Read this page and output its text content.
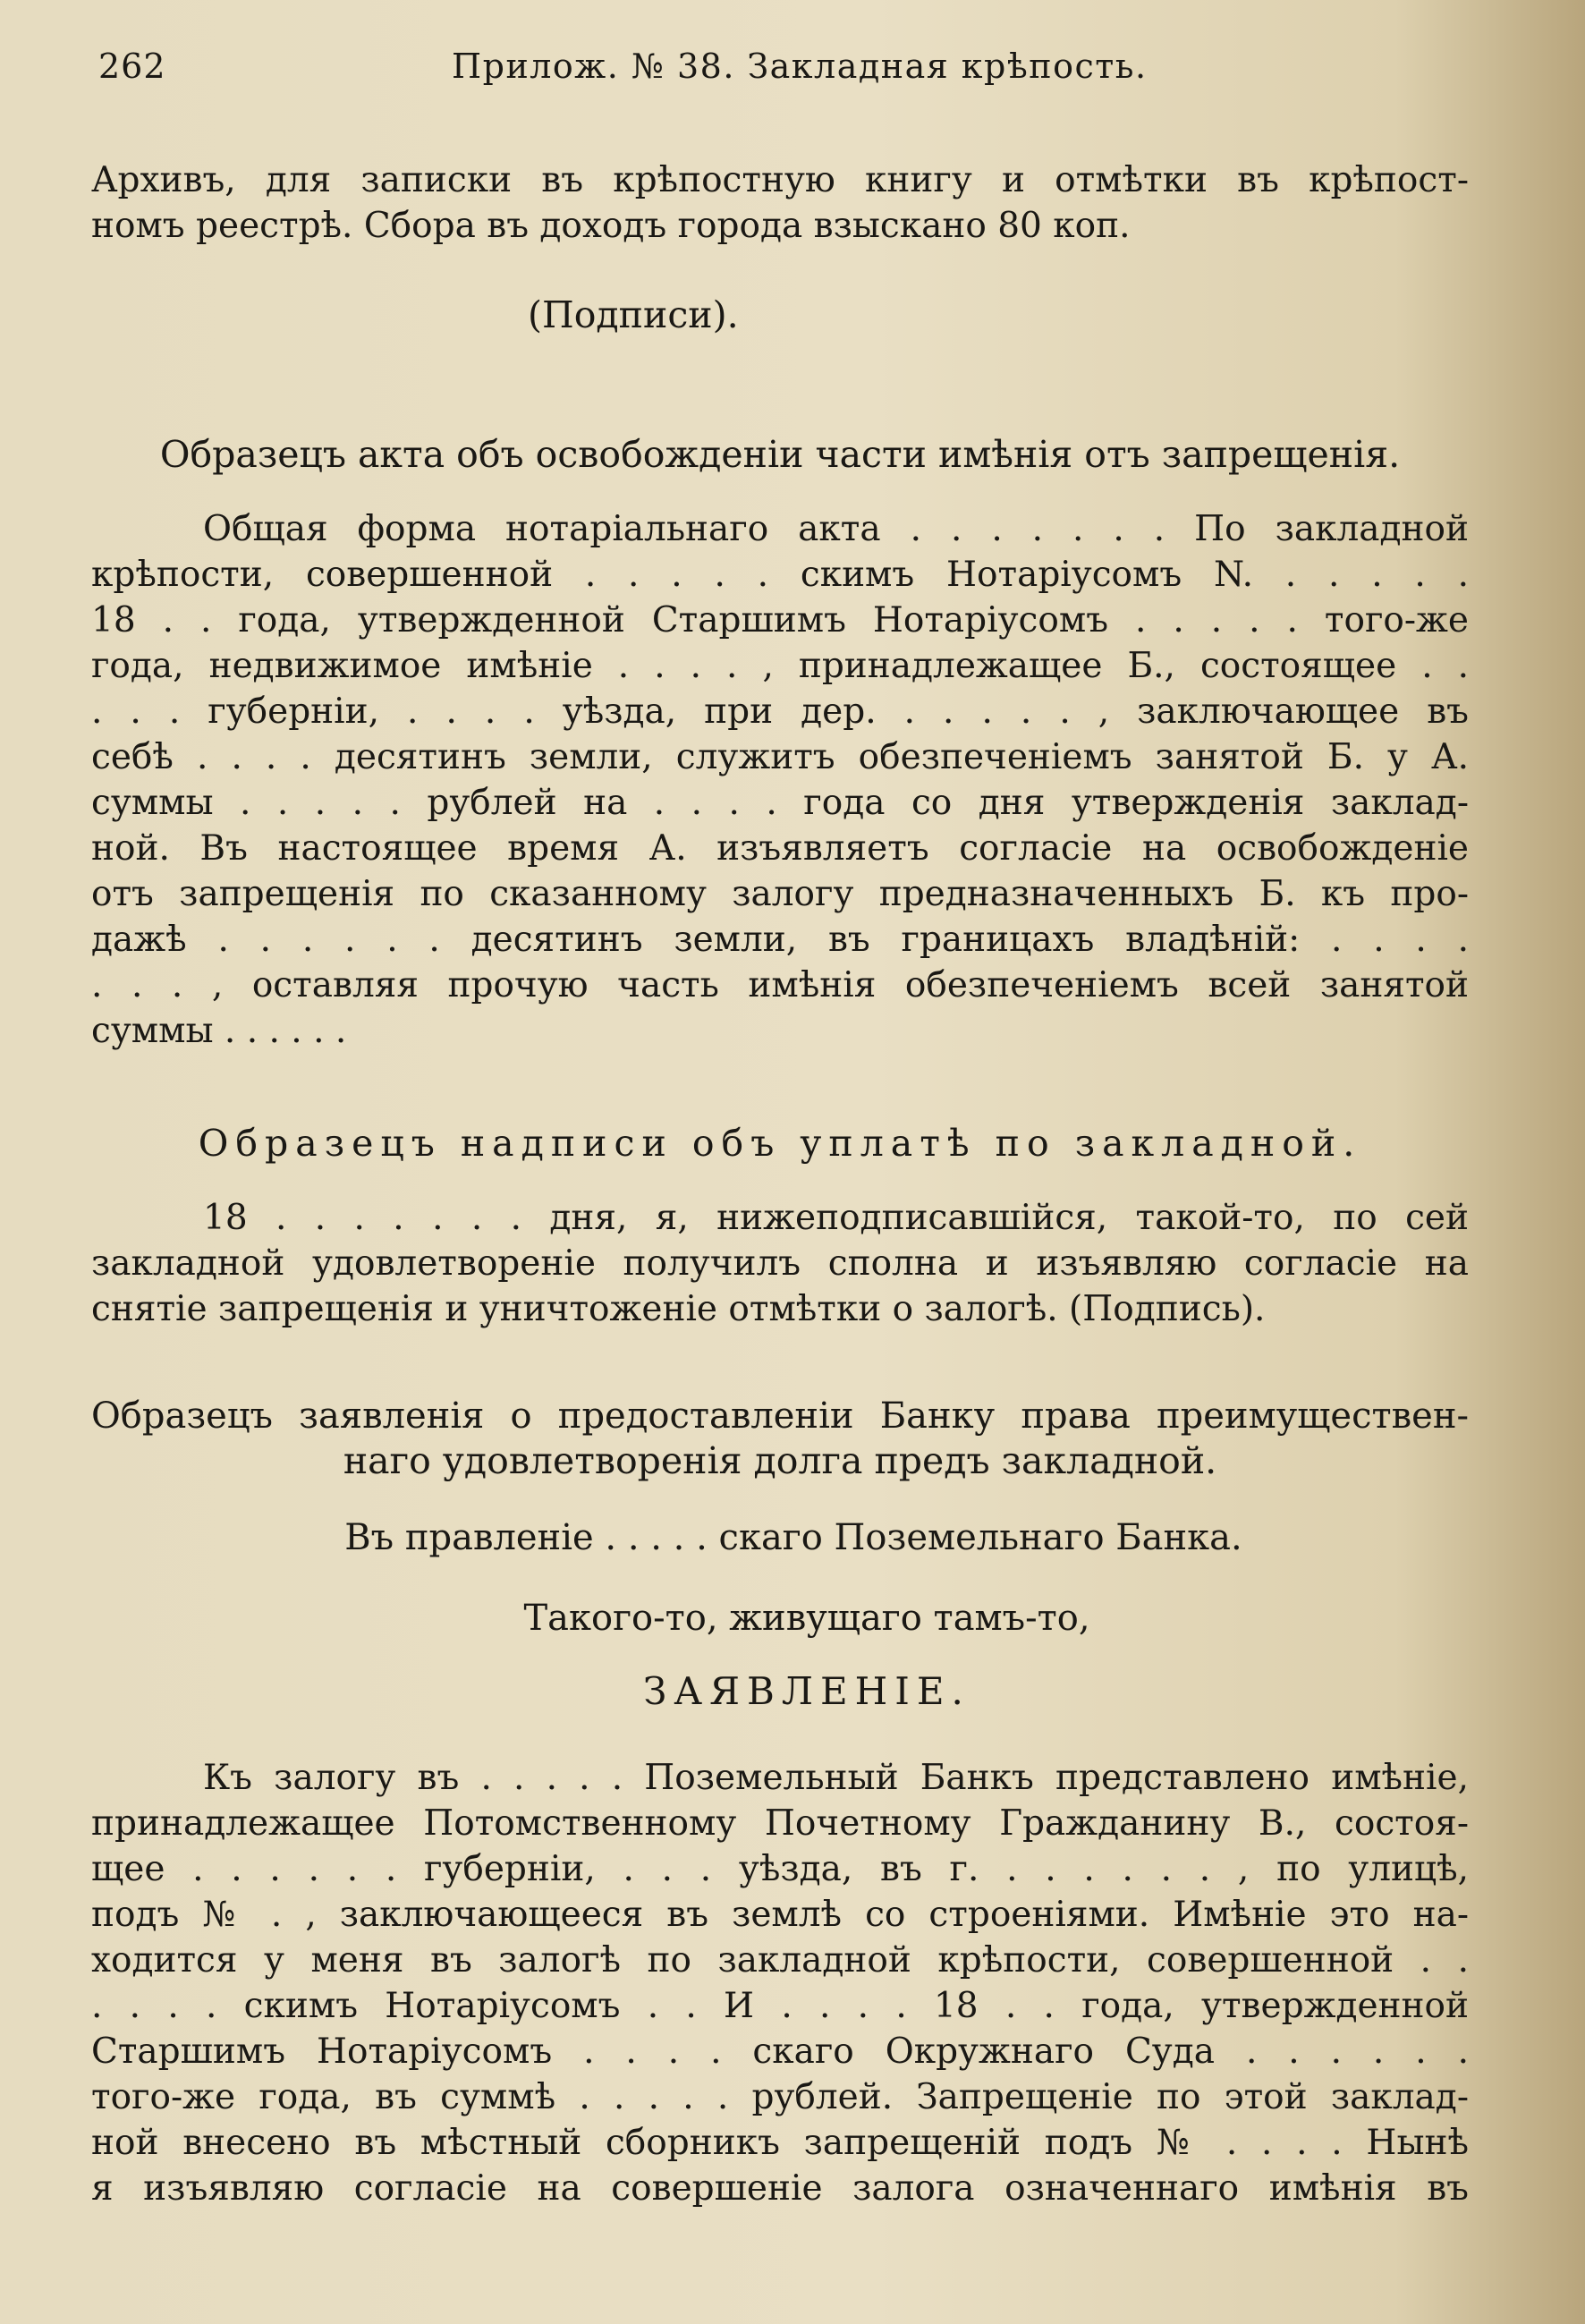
262	Прилож. № 38. Закладная крѣпость.
Архивъ, для записки въ крѣпостную книгу и отмѣтки въ крѣпост-
номъ реестрѣ. Сбора въ доходъ города взыскано 80 коп.
(Подписи).
Образецъ акта объ освобожденіи части имѣнія отъ запрещенія.
Общая форма нотаріальнаго акта . . . . . . . По закладной
крѣпости, совершенной . . . . . скимъ Нотаріусомъ N. . . . . .
18 . . года, утвержденной Старшимъ Нотаріусомъ . . . . . того-же
года, недвижимое имѣніе . . . . , принадлежащее Б., состоящее . .
. . . губерніи, . . . . уѣзда, при дер. . . . . . , заключающее въ
себѣ . . . . десятинъ земли, служитъ обезпеченіемъ занятой Б. у А.
суммы . . . . . рублей на . . . . года со дня утвержденія заклад-
ной. Въ настоящее время А. изъявляетъ согласіе на освобожденіе
отъ запрещенія по сказанному залогу предназначенныхъ Б. къ про-
дажѣ . . . . . . десятинъ земли, въ границахъ владѣній: . . . .
. . . , оставляя прочую часть имѣнія обезпеченіемъ всей занятой
суммы . . . . . .
Образецъ надписи объ уплатѣ по закладной.
18 . . . . . . . дня, я, нижеподписавшійся, такой-то, по сей
закладной удовлетвореніе получилъ сполна и изъявляю согласіе на
снятіе запрещенія и уничтоженіе отмѣтки о залогѣ. (Подпись).
Образецъ заявленія о предоставленіи Банку права преимуществен-
наго удовлетворенія долга предъ закладной.
Въ правленіе . . . . . скаго Поземельнаго Банка.
Такого-то, живущаго тамъ-то,
ЗАЯВЛЕНІЕ.
Къ залогу въ . . . . . Поземельный Банкъ представлено имѣніе,
принадлежащее Потомственному Почетному Гражданину В., состоя-
щее . . . . . . губерніи, . . . уѣзда, въ г. . . . . . . , по улицѣ,
подъ № . , заключающееся въ землѣ со строеніями. Имѣніе это на-
ходится у меня въ залогѣ по закладной крѣпости, совершенной . .
. . . . скимъ Нотаріусомъ . . И . . . . 18 . . года, утвержденной
Старшимъ Нотаріусомъ . . . . скаго Окружнаго Суда . . . . . .
того-же года, въ суммѣ . . . . . рублей. Запрещеніе по этой заклад-
ной внесено въ мѣстный сборникъ запрещеній подъ № . . . . Нынѣ
я изъявляю согласіе на совершеніе залога означеннаго имѣнія въ
